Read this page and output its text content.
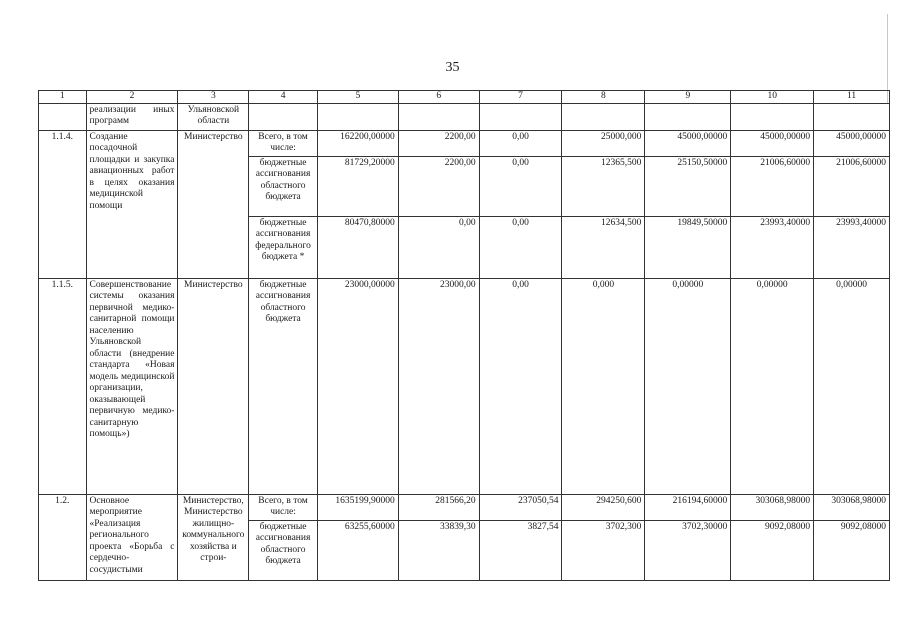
35
1	2	3	4	5	6	7	8	9	10	11
	реализации иных программ	Ульяновской области								
1.1.4.	Создание посадочной площадки и закупка авиационных работ в целях оказания медицинской помощи	Министерство	Всего, в том числе:	162200,00000	2200,00	0,00	25000,000	45000,00000	45000,00000	45000,00000
			бюджетные ассигнования областного бюджета	81729,20000	2200,00	0,00	12365,500	25150,50000	21006,60000	21006,60000
			бюджетные ассигнования федерального бюджета *	80470,80000	0,00	0,00	12634,500	19849,50000	23993,40000	23993,40000
1.1.5.	Совершенствование системы оказания первичной медико-санитарной помощи населению Ульяновской области (внедрение стандарта «Новая модель медицинской организации, оказывающей первичную медико-санитарную помощь»)	Министерство	бюджетные ассигнования областного бюджета	23000,00000	23000,00	0,00	0,000	0,00000	0,00000	0,00000
1.2.	Основное мероприятие «Реализация регионального проекта «Борьба с сердечно-сосудистыми	Министерство, Министерство жилищно-коммунального хозяйства и строи-	Всего, в том числе:	1635199,90000	281566,20	237050,54	294250,600	216194,60000	303068,98000	303068,98000
			бюджетные ассигнования областного бюджета	63255,60000	33839,30	3827,54	3702,300	3702,30000	9092,08000	9092,08000
